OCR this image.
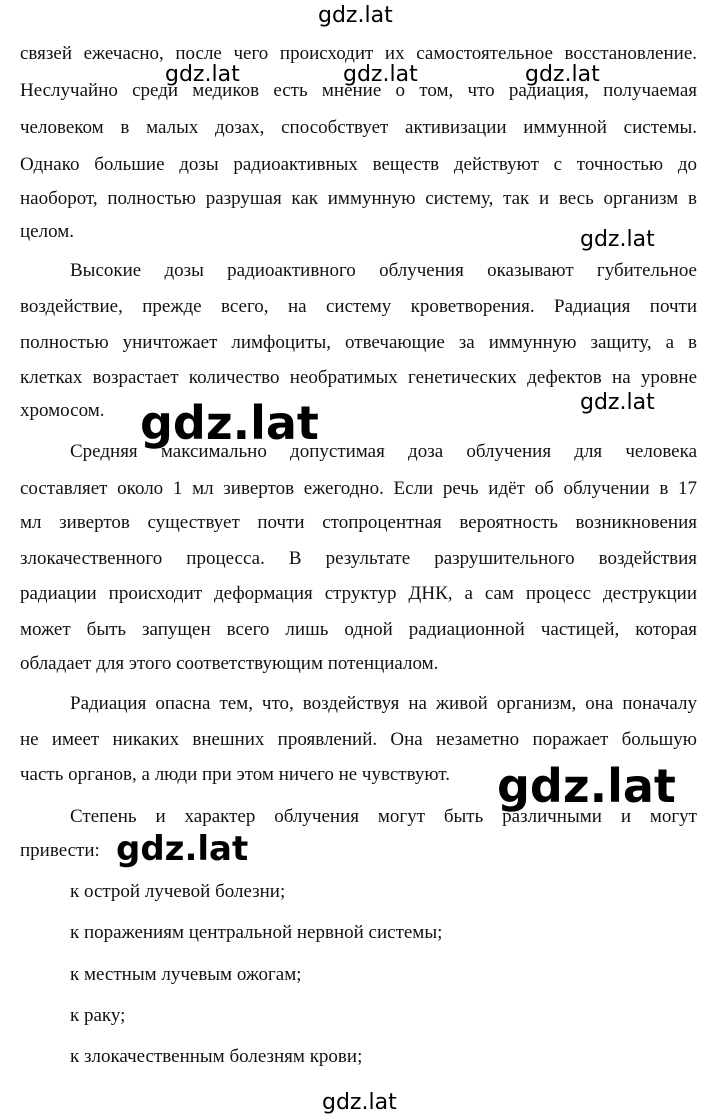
связей ежечасно, после чего происходит их самостоятельное восстановление.
Неслучайно среди медиков есть мнение о том, что радиация, получаемая
человеком в малых дозах, способствует активизации иммунной системы.
Однако большие дозы радиоактивных веществ действуют с точностью до
наоборот, полностью разрушая как иммунную систему, так и весь организм в
целом.
Высокие дозы радиоактивного облучения оказывают губительное
воздействие, прежде всего, на систему кроветворения. Радиация почти
полностью уничтожает лимфоциты, отвечающие за иммунную защиту, а в
клетках возрастает количество необратимых генетических дефектов на уровне
хромосом.
Средняя максимально допустимая доза облучения для человека
составляет около 1 мл зивертов ежегодно. Если речь идёт об облучении в 17
мл зивертов существует почти стопроцентная вероятность возникновения
злокачественного процесса. В результате разрушительного воздействия
радиации происходит деформация структур ДНК, а сам процесс деструкции
может быть запущен всего лишь одной радиационной частицей, которая
обладает для этого соответствующим потенциалом.
Радиация опасна тем, что, воздействуя на живой организм, она поначалу
не имеет никаких внешних проявлений. Она незаметно поражает большую
часть органов, а люди при этом ничего не чувствуют.
Степень и характер облучения могут быть различными и могут
привести:
к острой лучевой болезни;
к поражениям центральной нервной системы;
к местным лучевым ожогам;
к раку;
к злокачественным болезням крови;
gdz.lat
gdz.lat	gdz.lat	gdz.lat
gdz.lat
gdz.lat
gdz.lat
gdz.lat
gdz.lat
gdz.lat
